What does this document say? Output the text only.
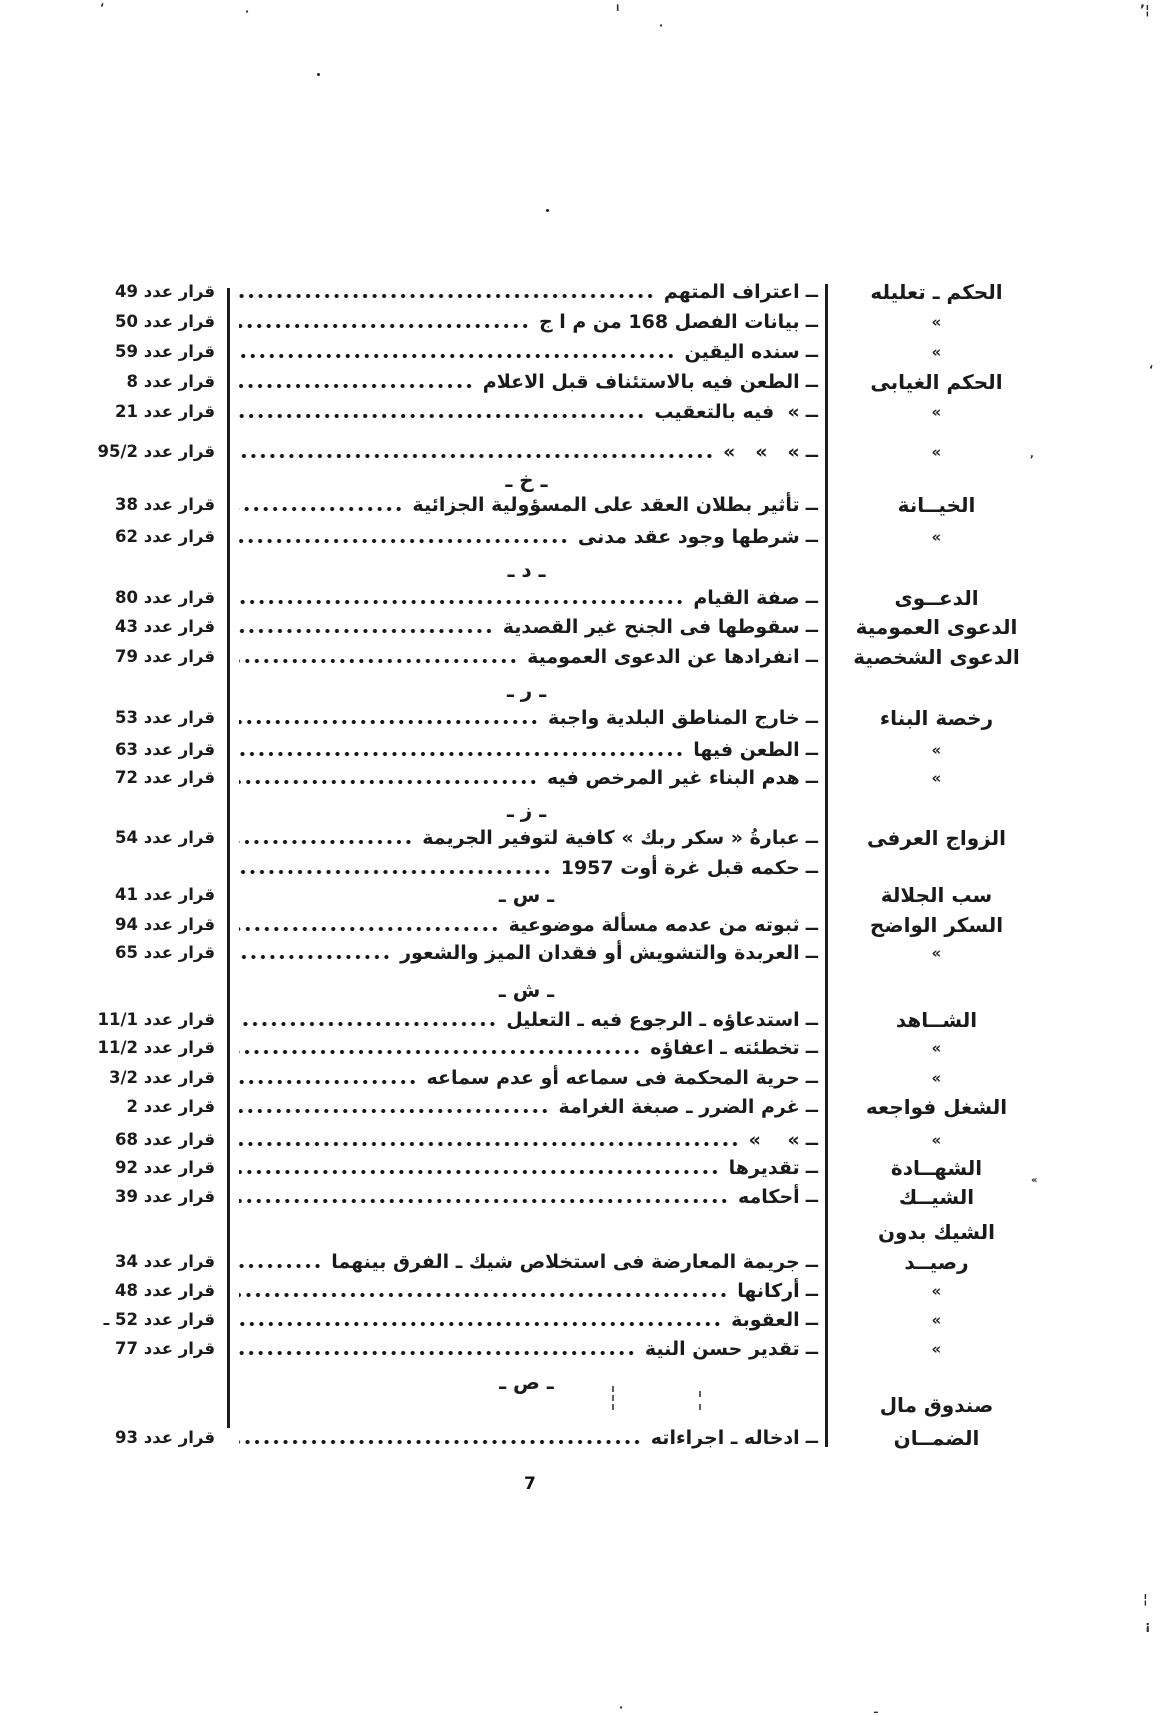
الحكم ـ تعليله
ــ
اعتراف المتهم
قرار عدد 49
»
ــ
بيانات الفصل 168 من م ا ج
قرار عدد 50
»
ــ
سنده اليقين
قرار عدد 59
الحكم الغيابى
ــ
الطعن فيه بالاستئناف قبل الاعلام
قرار عدد 8
»
ــ
»  فيه بالتعقيب
قرار عدد 21
»
ــ
»   »   »
قرار عدد 95/2
ـ خ ـ
الخيــانة
ــ
تأثير بطلان العقد على المسؤولية الجزائية
قرار عدد 38
»
ــ
شرطها وجود عقد مدنى
قرار عدد 62
ـ د ـ
الدعــوى
ــ
صفة القيام
قرار عدد 80
الدعوى العمومية
ــ
سقوطها فى الجنح غير القصدية
قرار عدد 43
الدعوى الشخصية
ــ
انفرادها عن الدعوى العمومية
قرار عدد 79
ـ ر ـ
رخصة البناء
ــ
خارج المناطق البلدية واجبة
قرار عدد 53
»
ــ
الطعن فيها
قرار عدد 63
»
ــ
هدم البناء غير المرخص فيه
قرار عدد 72
ـ ز ـ
الزواج العرفى
ــ
عبارةُ « سكر ربك » كافية لتوفير الجريمة
قرار عدد 54
ــ
حكمه قبل غرة أوت 1957
سب الجلالة
ـ س ـ
قرار عدد 41
السكر الواضح
ــ
ثبوته من عدمه مسألة موضوعية
قرار عدد 94
»
ــ
العربدة والتشويش أو فقدان الميز والشعور
قرار عدد 65
ـ ش ـ
الشــاهد
ــ
استدعاؤه ـ الرجوع فيه ـ التعليل
قرار عدد 11/1
»
ــ
تخطئته ـ اعفاؤه
قرار عدد 11/2
»
ــ
حرية المحكمة فى سماعه أو عدم سماعه
قرار عدد 3/2
الشغل فواجعه
ــ
غرم الضرر ـ صبغة الغرامة
قرار عدد 2
»
ــ
»    »
قرار عدد 68
الشهــادة
ــ
تقديرها
قرار عدد 92
الشيــك
ــ
أحكامه
قرار عدد 39
الشيك بدون
رصيــد
ــ
جريمة المعارضة فى استخلاص شيك ـ الفرق بينهما
قرار عدد 34
»
ــ
أركانها
قرار عدد 48
»
ــ
العقوبة
قرار عدد 52 ـ
»
ــ
تقدير حسن النية
قرار عدد 77
ـ ص ـ
صندوق مال
الضمــان
ــ
ادخاله ـ اجراءاته
قرار عدد 93
7
ʻ	·	׀
·
¦ʼ
ʻ
,
»
¦
¡
ـ
·
